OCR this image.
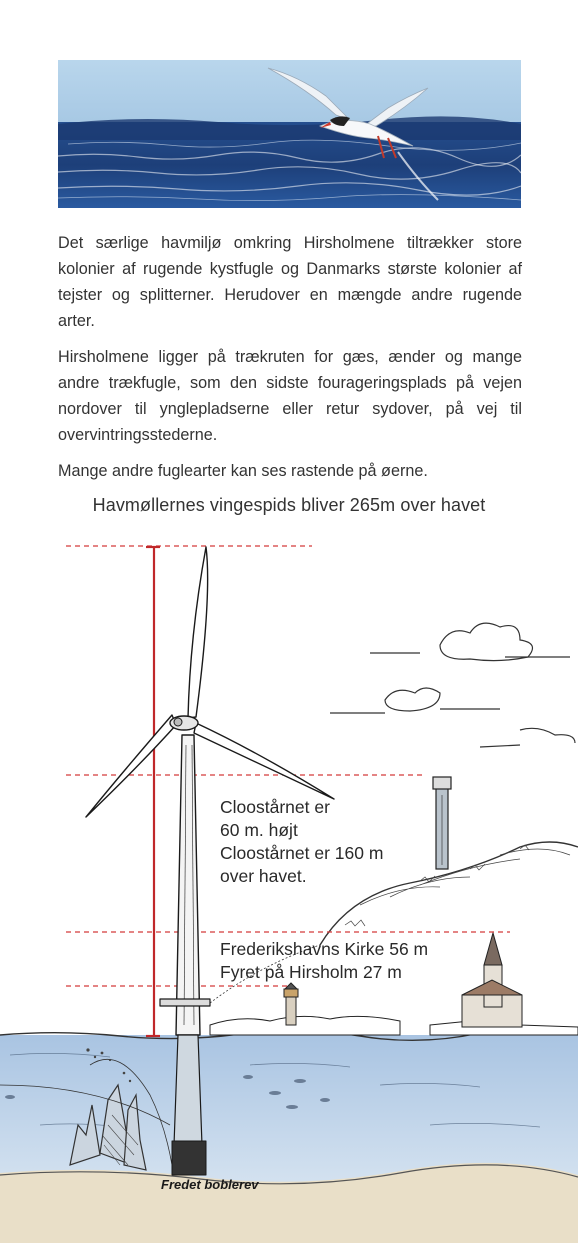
Det særlige havmiljø omkring Hirsholmene tiltrækker store kolonier af rugende kystfugle og Danmarks største kolonier af tejster og splitterner. Herudover en mængde andre rugende arter.

Hirsholmene ligger på trækruten for gæs, ænder og mange andre trækfugle, som den sidste fourageringsplads på vejen nordover til ynglepladserne eller retur sydover, på vej til overvintringsstederne.

Mange andre fuglearter kan ses rastende på øerne.

Havmøllernes vingespids bliver 265m over havet
Cloostårnet er
60 m. højt
Cloostårnet er 160 m
over havet.
Frederikshavns Kirke 56 m
Fyret på Hirsholm 27 m
Fredet boblerev
